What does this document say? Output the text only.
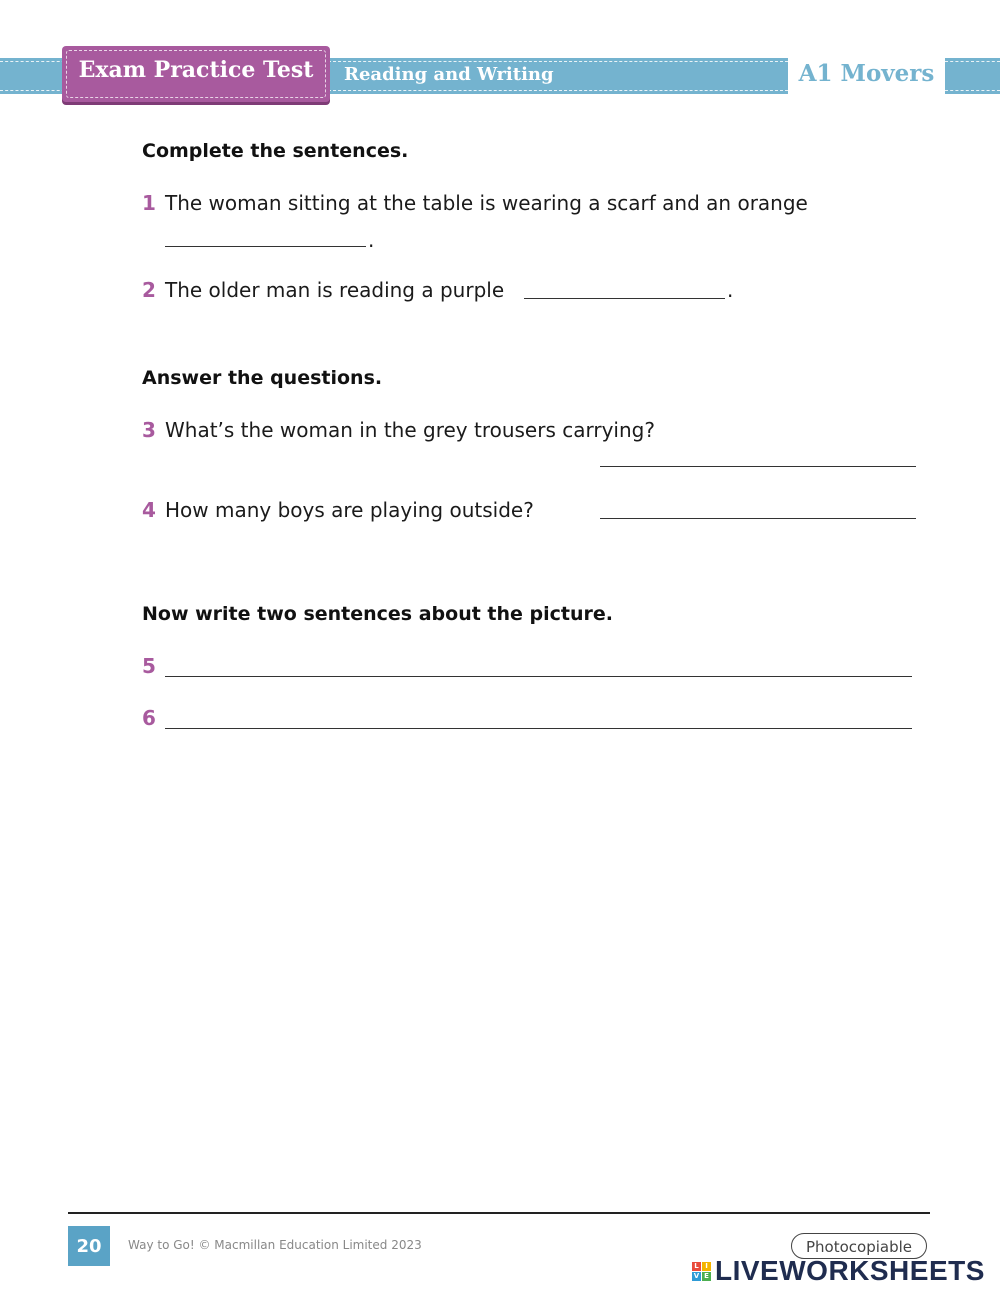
Exam Practice Test	Reading and Writing	A1 Movers
Complete the sentences.
1 The woman sitting at the table is wearing a scarf and an orange
.
2 The older man is reading a purple	.
Answer the questions.
3 What’s the woman in the grey trousers carrying?
4 How many boys are playing outside?
Now write two sentences about the picture.
5
6
20	Way to Go! © Macmillan Education Limited 2023	Photocopiable
L I
V E LIVEWORKSHEETS
